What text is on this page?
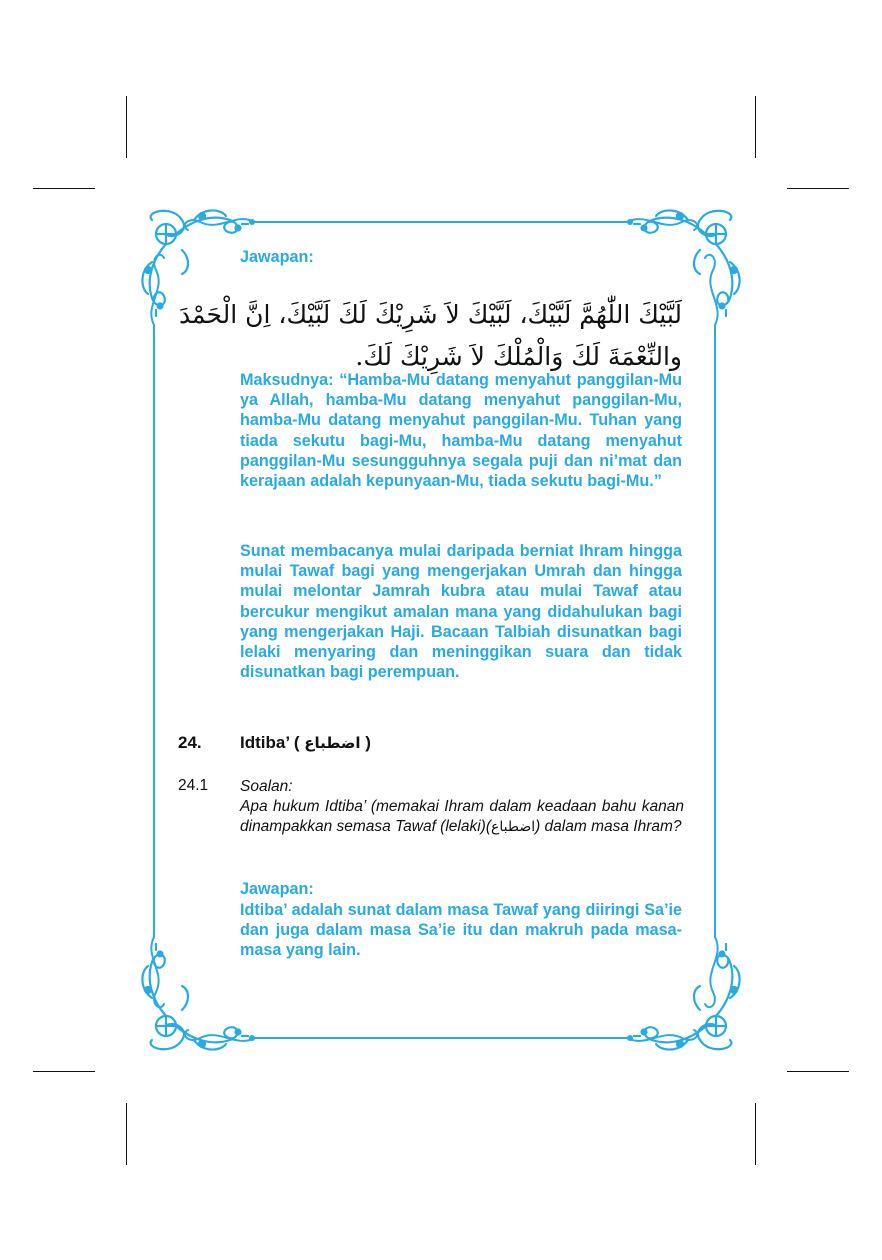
Jawapan:
لَبَّيْكَ اللّٰهُمَّ لَبَّيْكَ، لَبَّيْكَ لاَ شَرِيْكَ لَكَ لَبَّيْكَ، اِنَّ الْحَمْدَ
والنِّعْمَةَ لَكَ وَالْمُلْكَ لاَ شَرِيْكَ لَكَ.
Maksudnya: “Hamba-Mu datang menyahut panggilan-Mu ya Allah, hamba-Mu datang menyahut panggilan-Mu, hamba-Mu datang menyahut panggilan-Mu. Tuhan yang tiada sekutu bagi-Mu, hamba-Mu datang menyahut panggilan-Mu sesungguhnya segala puji dan ni’mat dan kerajaan adalah kepunyaan-Mu, tiada sekutu bagi-Mu.”
Sunat membacanya mulai daripada berniat Ihram hingga mulai Tawaf bagi yang mengerjakan Umrah dan hingga mulai melontar Jamrah kubra atau mulai Tawaf atau bercukur mengikut amalan mana yang didahulukan bagi yang mengerjakan Haji. Bacaan Talbiah disunatkan bagi lelaki menyaring dan meninggikan suara dan tidak disunatkan bagi perempuan.
24. Idtiba’ ( اضطباع )
24.1 Soalan:
Apa hukum Idtiba’ (memakai Ihram dalam keadaan bahu kanan dinampakkan semasa Tawaf (lelaki)(اضطباع) dalam masa Ihram?
Jawapan:
Idtiba’ adalah sunat dalam masa Tawaf yang diiringi Sa’ie dan juga dalam masa Sa’ie itu dan makruh pada masa-masa yang lain.
